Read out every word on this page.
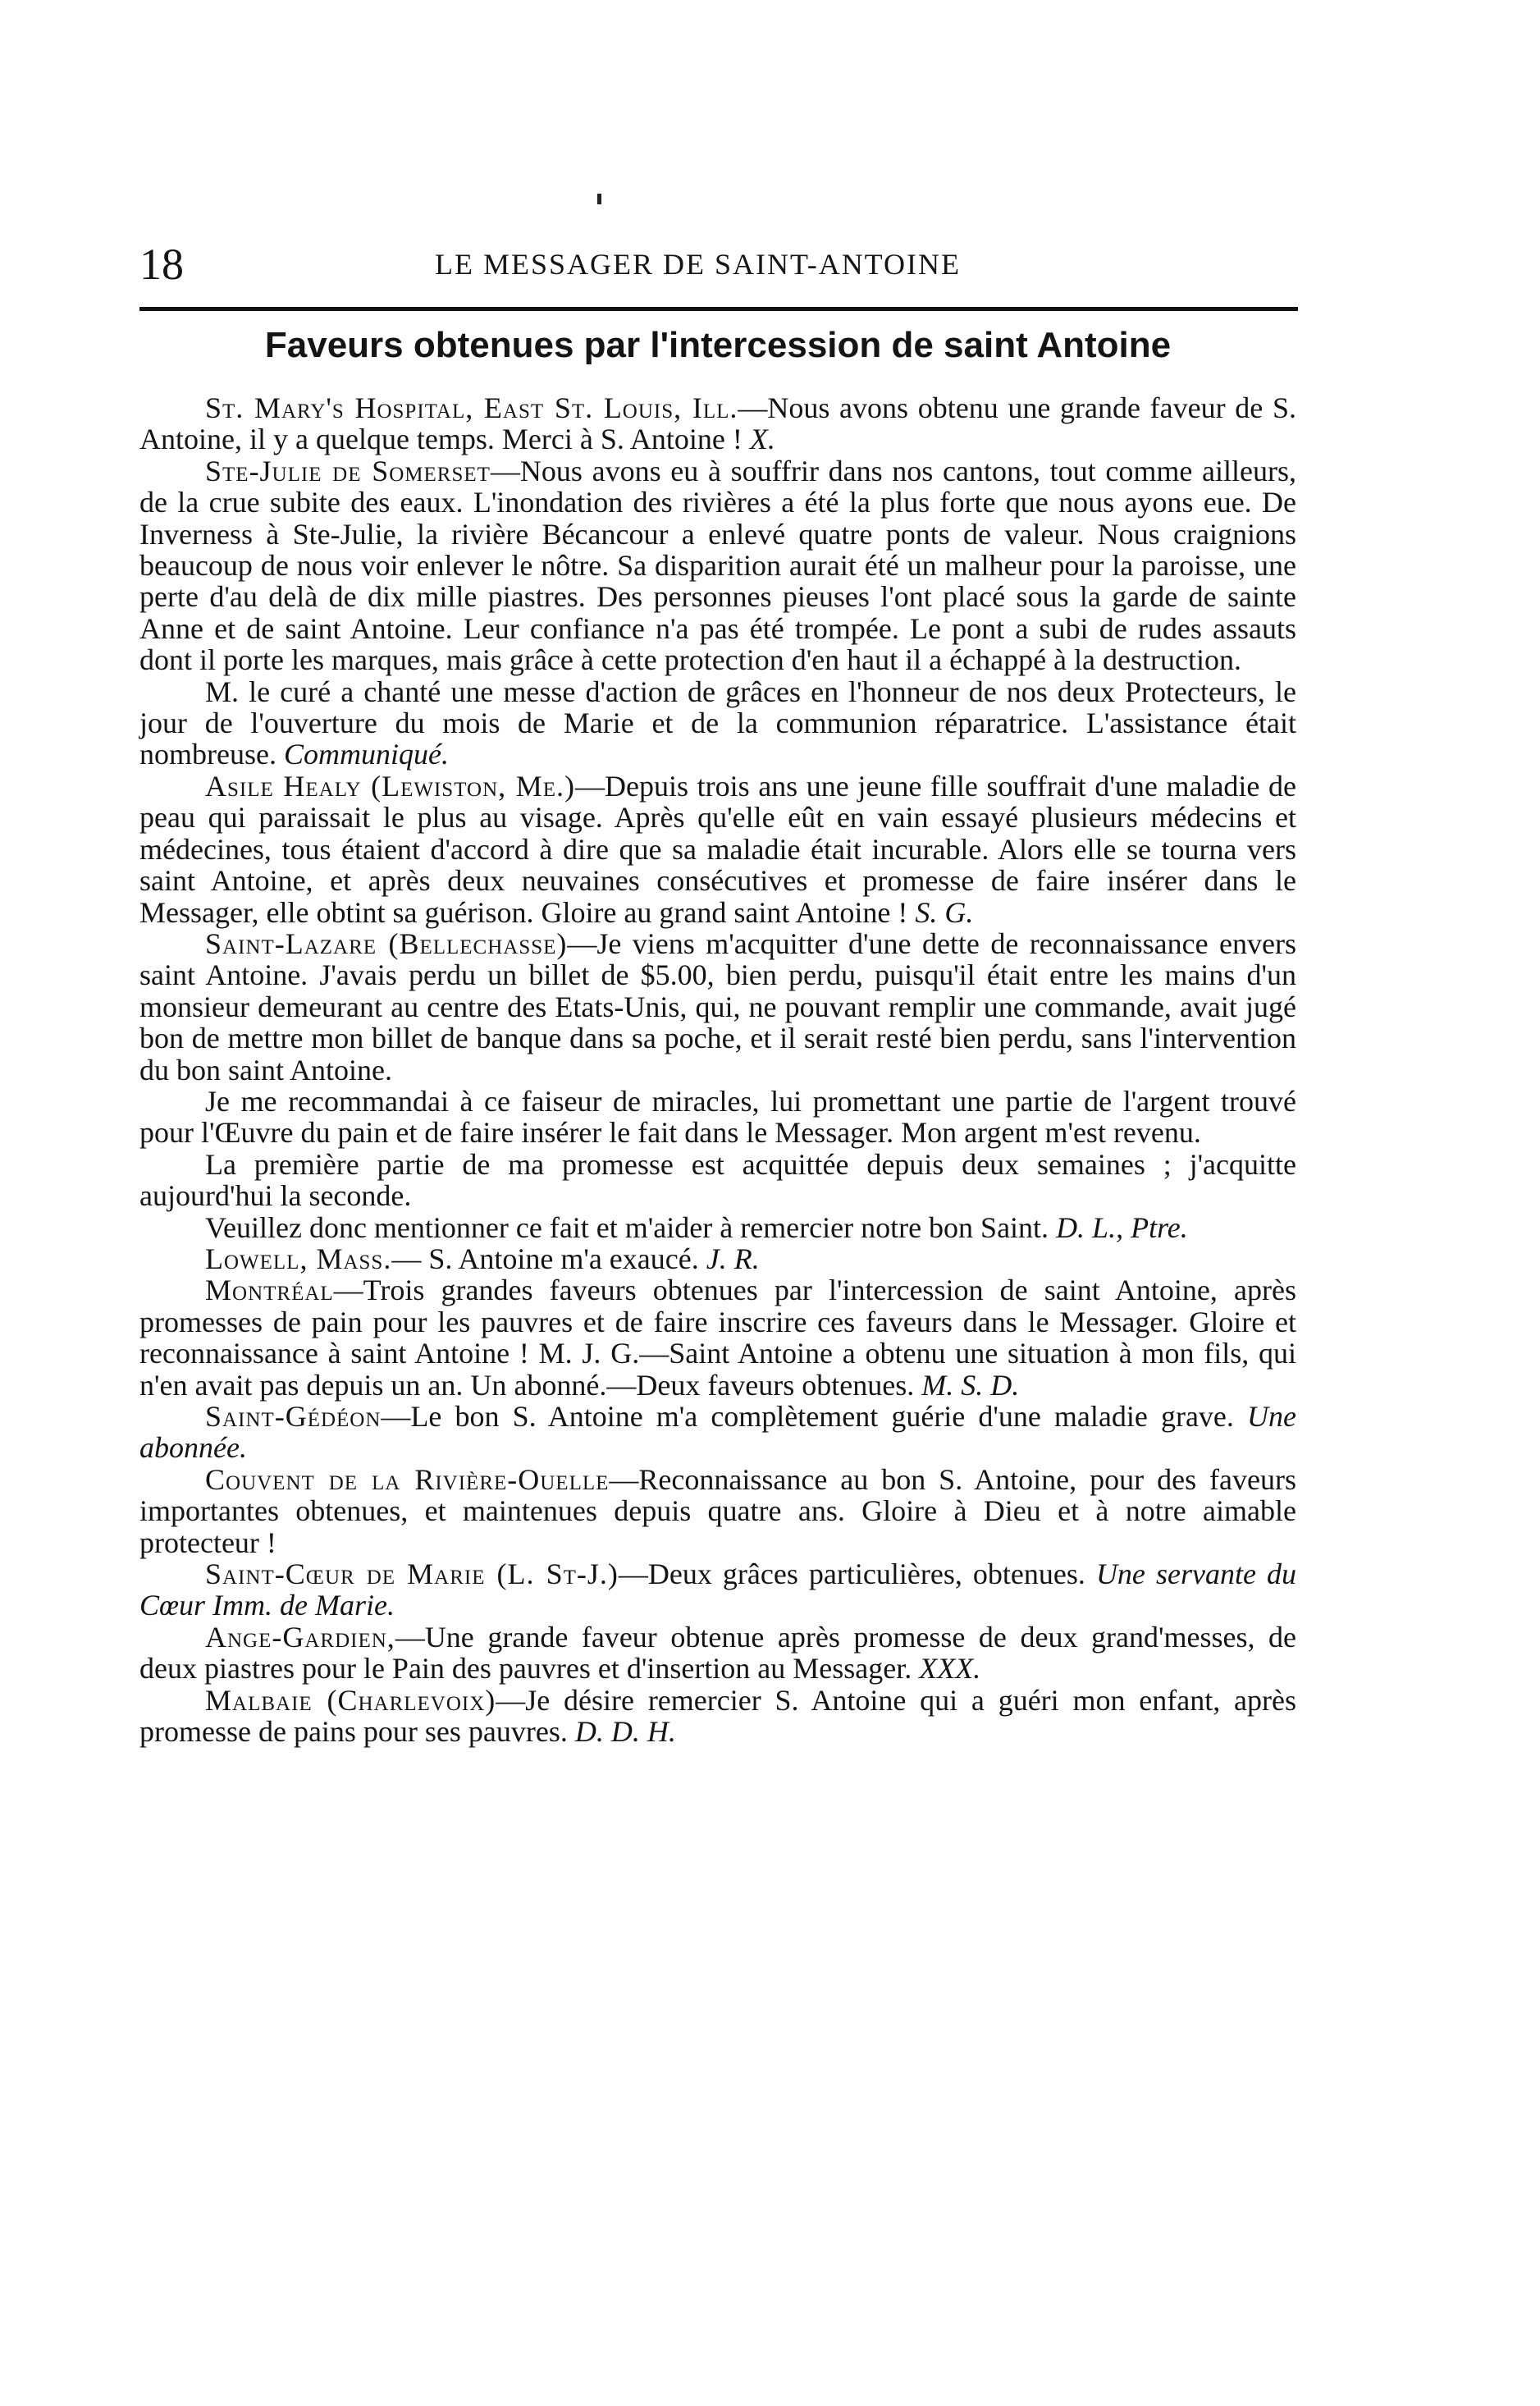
18	LE MESSAGER DE SAINT-ANTOINE
Faveurs obtenues par l'intercession de saint Antoine

St. Mary's Hospital, East St. Louis, Ill.—Nous avons obtenu une grande faveur de S. Antoine, il y a quelque temps. Merci à S. Antoine ! X.

Ste-Julie de Somerset—Nous avons eu à souffrir dans nos cantons, tout comme ailleurs, de la crue subite des eaux. L'inondation des rivières a été la plus forte que nous ayons eue. De Inverness à Ste-Julie, la rivière Bécancour a enlevé quatre ponts de valeur. Nous craignions beaucoup de nous voir enlever le nôtre. Sa disparition aurait été un malheur pour la paroisse, une perte d'au delà de dix mille piastres. Des personnes pieuses l'ont placé sous la garde de sainte Anne et de saint Antoine. Leur confiance n'a pas été trompée. Le pont a subi de rudes assauts dont il porte les marques, mais grâce à cette protection d'en haut il a échappé à la destruction.

M. le curé a chanté une messe d'action de grâces en l'honneur de nos deux Protecteurs, le jour de l'ouverture du mois de Marie et de la communion réparatrice. L'assistance était nombreuse. Communiqué.

Asile Healy (Lewiston, Me.)—Depuis trois ans une jeune fille souffrait d'une maladie de peau qui paraissait le plus au visage. Après qu'elle eût en vain essayé plusieurs médecins et médecines, tous étaient d'accord à dire que sa maladie était incurable. Alors elle se tourna vers saint Antoine, et après deux neuvaines consécutives et promesse de faire insérer dans le Messager, elle obtint sa guérison. Gloire au grand saint Antoine ! S. G.

Saint-Lazare (Bellechasse)—Je viens m'acquitter d'une dette de reconnaissance envers saint Antoine. J'avais perdu un billet de $5.00, bien perdu, puisqu'il était entre les mains d'un monsieur demeurant au centre des Etats-Unis, qui, ne pouvant remplir une commande, avait jugé bon de mettre mon billet de banque dans sa poche, et il serait resté bien perdu, sans l'intervention du bon saint Antoine.

Je me recommandai à ce faiseur de miracles, lui promettant une partie de l'argent trouvé pour l'Œuvre du pain et de faire insérer le fait dans le Messager. Mon argent m'est revenu.

La première partie de ma promesse est acquittée depuis deux semaines ; j'acquitte aujourd'hui la seconde.

Veuillez donc mentionner ce fait et m'aider à remercier notre bon Saint. D. L., Ptre.

Lowell, Mass.— S. Antoine m'a exaucé. J. R.

Montréal—Trois grandes faveurs obtenues par l'intercession de saint Antoine, après promesses de pain pour les pauvres et de faire inscrire ces faveurs dans le Messager. Gloire et reconnaissance à saint Antoine ! M. J. G.—Saint Antoine a obtenu une situation à mon fils, qui n'en avait pas depuis un an. Un abonné.—Deux faveurs obtenues. M. S. D.

Saint-Gédéon—Le bon S. Antoine m'a complètement guérie d'une maladie grave. Une abonnée.

Couvent de la Rivière-Ouelle—Reconnaissance au bon S. Antoine, pour des faveurs importantes obtenues, et maintenues depuis quatre ans. Gloire à Dieu et à notre aimable protecteur !

Saint-Cœur de Marie (L. St-J.)—Deux grâces particulières, obtenues. Une servante du Cœur Imm. de Marie.

Ange-Gardien,—Une grande faveur obtenue après promesse de deux grand'messes, de deux piastres pour le Pain des pauvres et d'insertion au Messager. XXX.

Malbaie (Charlevoix)—Je désire remercier S. Antoine qui a guéri mon enfant, après promesse de pains pour ses pauvres. D. D. H.
